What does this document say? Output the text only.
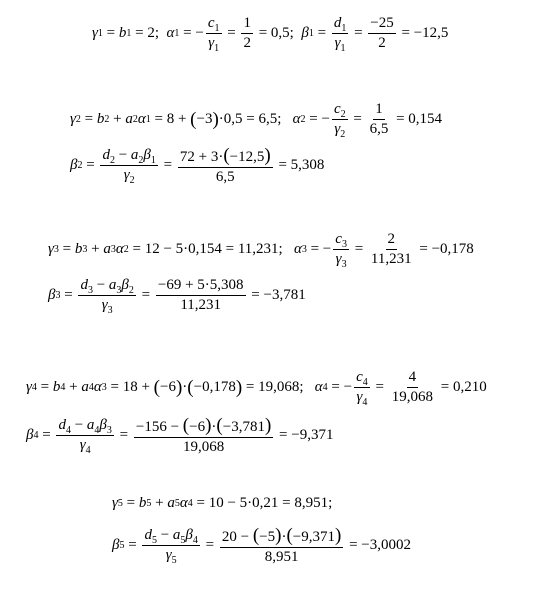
γ 1 = b 1 = 2; α 1 = − $\frac{c_1}{\gamma_1} = \frac{1}{2} = 0,5$; β $1 = \frac{d_1}{\gamma_1} = \frac{-25}{2} = -12,5$
γ 2 = b 2 + a 2 α 1 = 8 + ( −3 ) ·0,5 = 6,5; α 2 = − $\frac{c_2}{\gamma_2} = \frac{1}{6,5} = 0,154$
β $2 = \frac{d_2 - a_2\beta_1}{\gamma_2} = \frac{72 + 3\cdot(-12,5)}{6,5} = 5,308$
γ 3 = b 3 + a 3 α 2 = 12 − 5·0,154 = 11,231; α 3 = − $\frac{c_3}{\gamma_3} = \frac{2}{11,231} = -0,178$
β $3 = \frac{d_3 - a_3\beta_2}{\gamma_3} = \frac{-69 + 5\cdot 5,308}{11,231} = -3,781$
γ 4 = b 4 + a 4 α 3 = 18 + ( −6 ) · ( −0,178 ) = 19,068; α 4 = − $\frac{c_4}{\gamma_4} = \frac{4}{19,068} = 0,210$
β $4 = \frac{d_4 - a_4\beta_3}{\gamma_4} = \frac{-156 - (-6)\cdot(-3,781)}{19,068} = -9,371$
γ 5 = b 5 + a 5 α 4 = 10 − 5·0,21 = 8,951;
β $5 = \frac{d_5 - a_5\beta_4}{\gamma_5} = \frac{20 - (-5)\cdot(-9,371)}{8,951} = -3,0002$
